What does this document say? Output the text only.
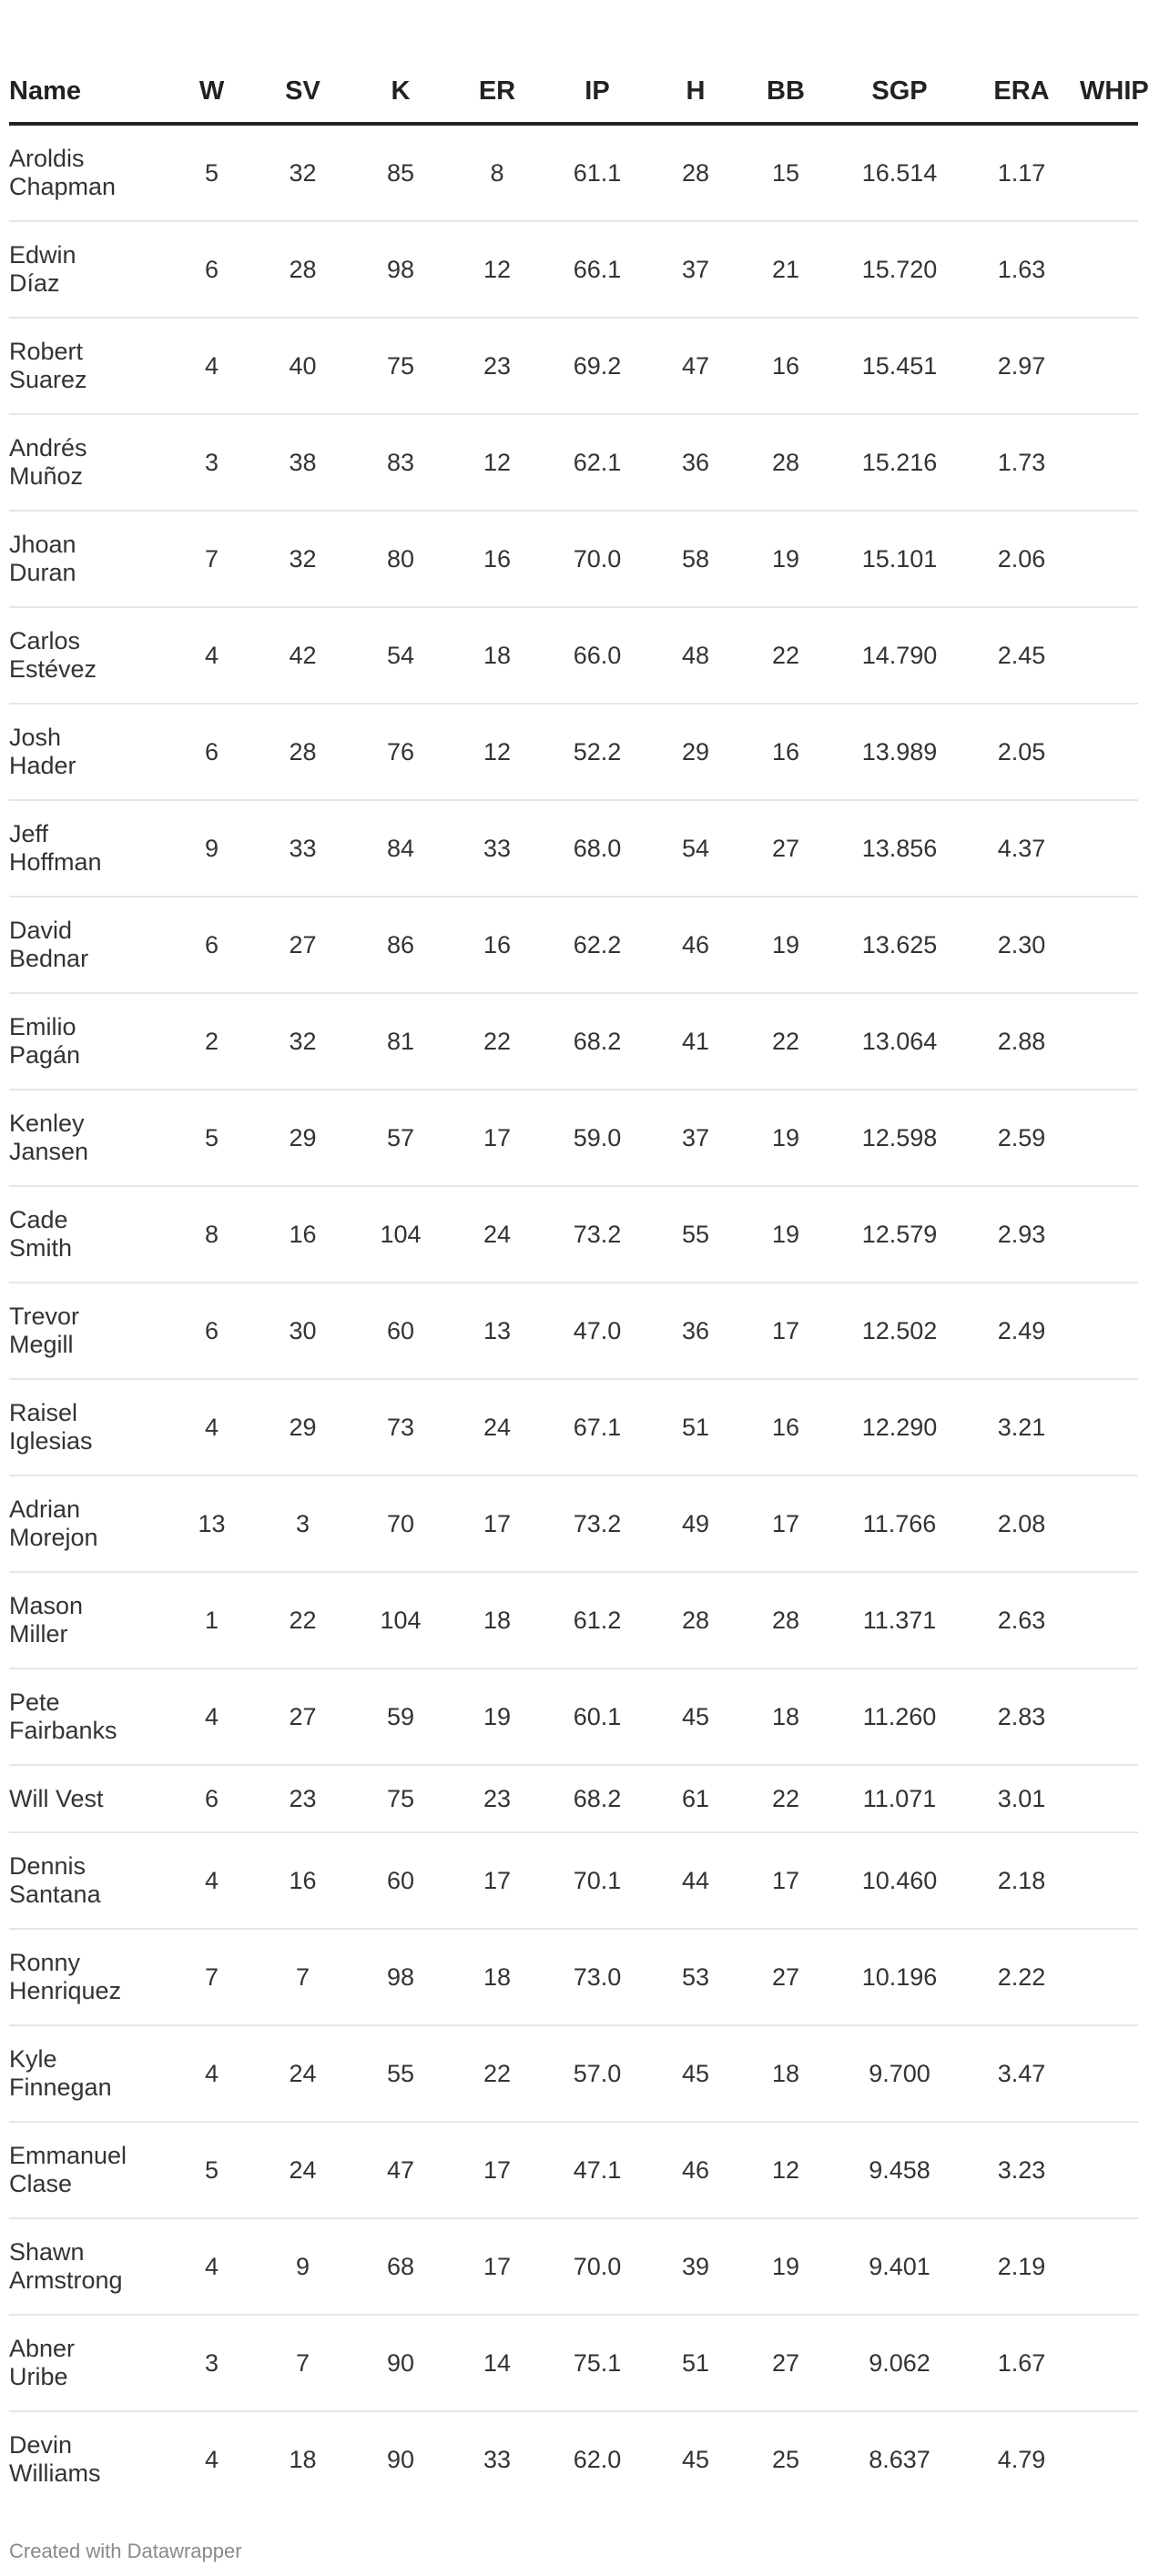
Name	W	SV	K	ER	IP	H	BB	SGP	ERA	WHIP
Aroldis
Chapman	5	32	85	8	61.1	28	15	16.514	1.17	
Edwin
Díaz	6	28	98	12	66.1	37	21	15.720	1.63	
Robert
Suarez	4	40	75	23	69.2	47	16	15.451	2.97	
Andrés
Muñoz	3	38	83	12	62.1	36	28	15.216	1.73	
Jhoan
Duran	7	32	80	16	70.0	58	19	15.101	2.06	
Carlos
Estévez	4	42	54	18	66.0	48	22	14.790	2.45	
Josh
Hader	6	28	76	12	52.2	29	16	13.989	2.05	
Jeff
Hoffman	9	33	84	33	68.0	54	27	13.856	4.37	
David
Bednar	6	27	86	16	62.2	46	19	13.625	2.30	
Emilio
Pagán	2	32	81	22	68.2	41	22	13.064	2.88	
Kenley
Jansen	5	29	57	17	59.0	37	19	12.598	2.59	
Cade
Smith	8	16	104	24	73.2	55	19	12.579	2.93	
Trevor
Megill	6	30	60	13	47.0	36	17	12.502	2.49	
Raisel
Iglesias	4	29	73	24	67.1	51	16	12.290	3.21	
Adrian
Morejon	13	3	70	17	73.2	49	17	11.766	2.08	
Mason
Miller	1	22	104	18	61.2	28	28	11.371	2.63	
Pete
Fairbanks	4	27	59	19	60.1	45	18	11.260	2.83	
Will Vest	6	23	75	23	68.2	61	22	11.071	3.01	
Dennis
Santana	4	16	60	17	70.1	44	17	10.460	2.18	
Ronny
Henriquez	7	7	98	18	73.0	53	27	10.196	2.22	
Kyle
Finnegan	4	24	55	22	57.0	45	18	9.700	3.47	
Emmanuel
Clase	5	24	47	17	47.1	46	12	9.458	3.23	
Shawn
Armstrong	4	9	68	17	70.0	39	19	9.401	2.19	
Abner
Uribe	3	7	90	14	75.1	51	27	9.062	1.67	
Devin
Williams	4	18	90	33	62.0	45	25	8.637	4.79	
Created with Datawrapper
